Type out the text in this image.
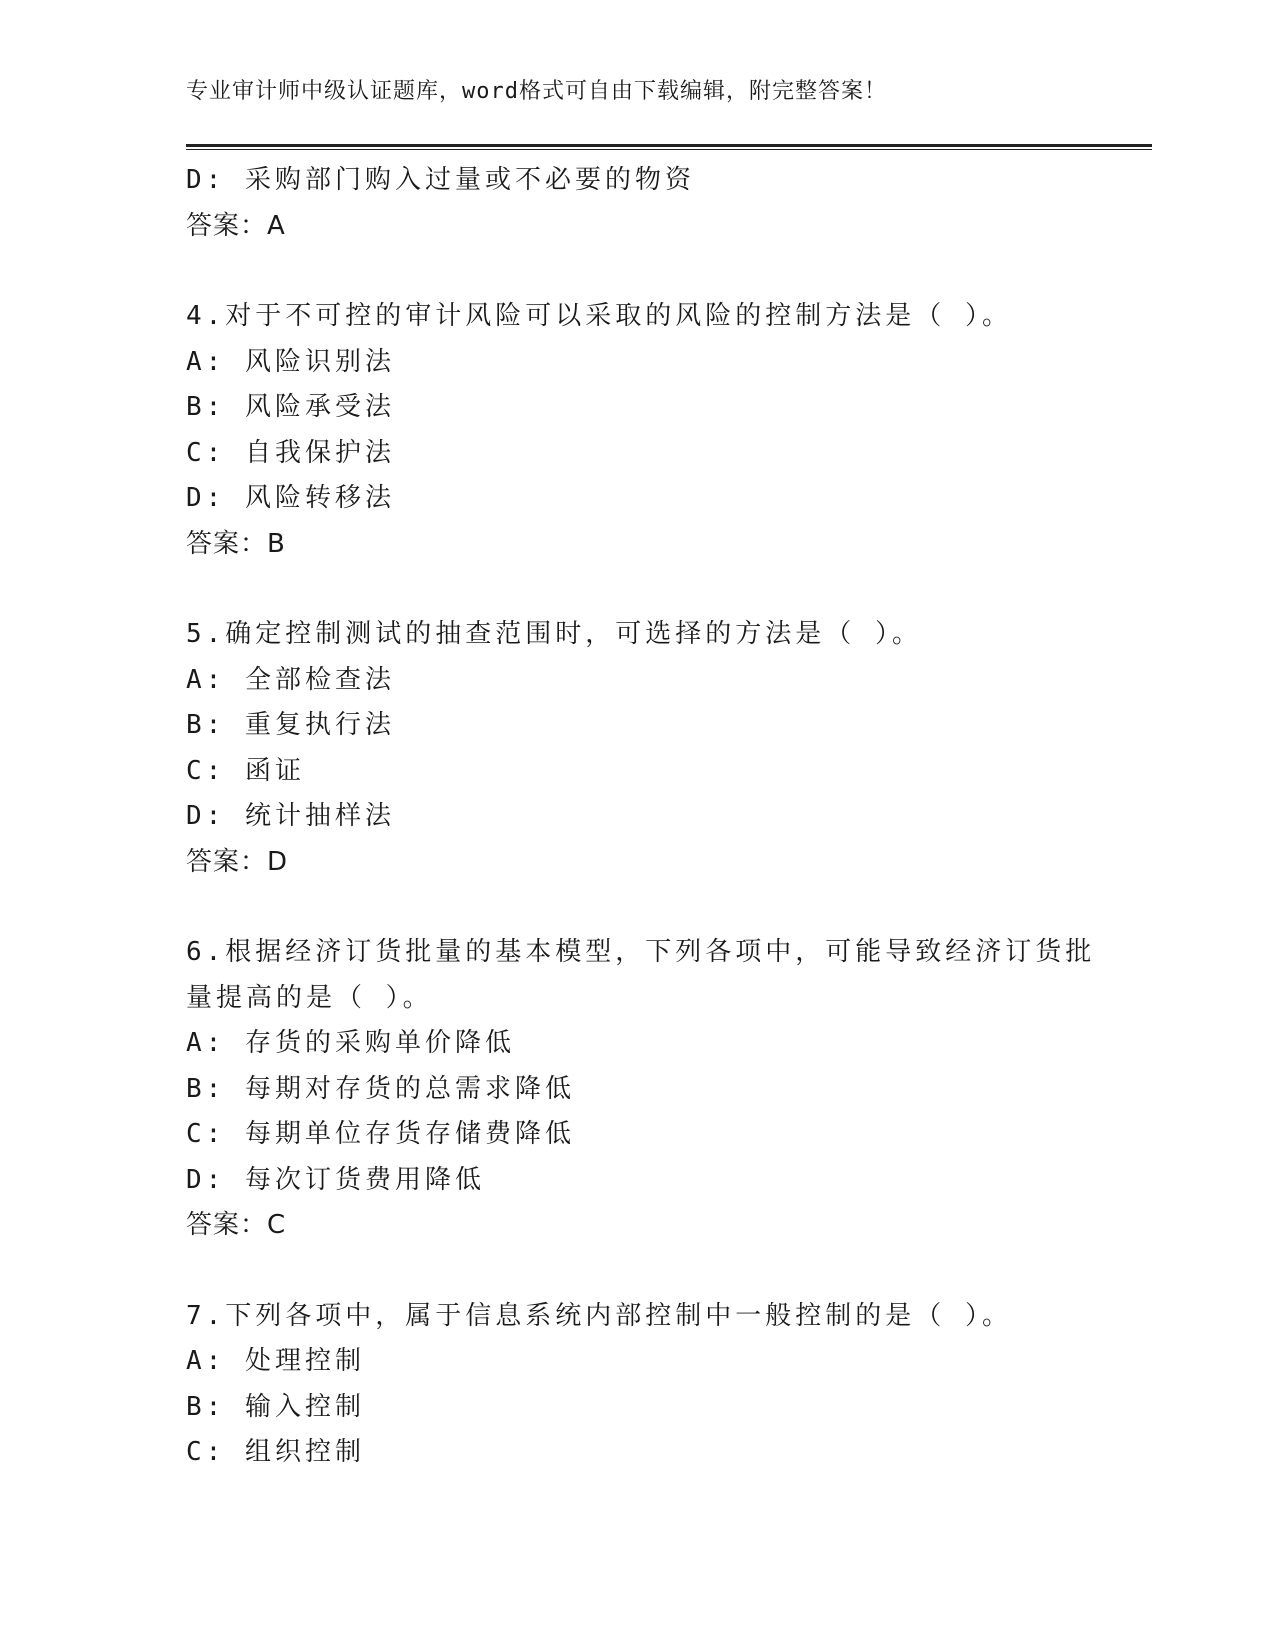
专业审计师中级认证题库，word格式可自由下载编辑，附完整答案！
D: 采购部门购入过量或不必要的物资
答案：A
4.对于不可控的审计风险可以采取的风险的控制方法是（ ）。
A: 风险识别法
B: 风险承受法
C: 自我保护法
D: 风险转移法
答案：B
5.确定控制测试的抽查范围时，可选择的方法是（ ）。
A: 全部检查法
B: 重复执行法
C: 函证
D: 统计抽样法
答案：D
6.根据经济订货批量的基本模型，下列各项中，可能导致经济订货批
量提高的是（ ）。
A: 存货的采购单价降低
B: 每期对存货的总需求降低
C: 每期单位存货存储费降低
D: 每次订货费用降低
答案：C
7.下列各项中，属于信息系统内部控制中一般控制的是（ ）。
A: 处理控制
B: 输入控制
C: 组织控制
